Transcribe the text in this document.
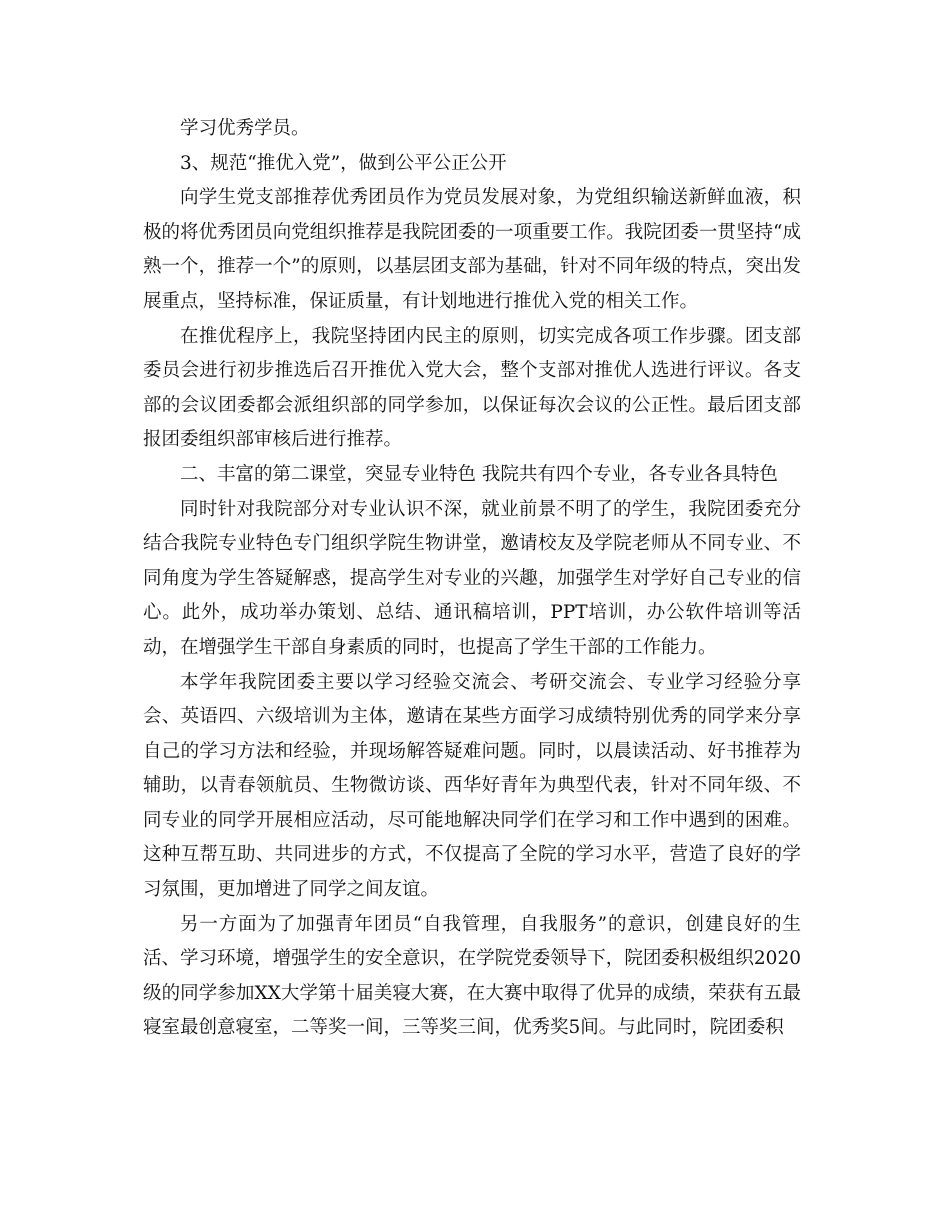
学习优秀学员。

3、规范“推优入党”，做到公平公正公开

向学生党支部推荐优秀团员作为党员发展对象，为党组织输送新鲜血液，积极的将优秀团员向党组织推荐是我院团委的一项重要工作。我院团委一贯坚持“成熟一个，推荐一个”的原则，以基层团支部为基础，针对不同年级的特点，突出发展重点，坚持标准，保证质量，有计划地进行推优入党的相关工作。

在推优程序上，我院坚持团内民主的原则，切实完成各项工作步骤。团支部委员会进行初步推选后召开推优入党大会，整个支部对推优人选进行评议。各支部的会议团委都会派组织部的同学参加，以保证每次会议的公正性。最后团支部报团委组织部审核后进行推荐。

二、丰富的第二课堂，突显专业特色 我院共有四个专业，各专业各具特色

同时针对我院部分对专业认识不深，就业前景不明了的学生，我院团委充分结合我院专业特色专门组织学院生物讲堂，邀请校友及学院老师从不同专业、不同角度为学生答疑解惑，提高学生对专业的兴趣，加强学生对学好自己专业的信心。此外，成功举办策划、总结、通讯稿培训，PPT培训，办公软件培训等活动，在增强学生干部自身素质的同时，也提高了学生干部的工作能力。

本学年我院团委主要以学习经验交流会、考研交流会、专业学习经验分享会、英语四、六级培训为主体，邀请在某些方面学习成绩特别优秀的同学来分享自己的学习方法和经验，并现场解答疑难问题。同时，以晨读活动、好书推荐为辅助，以青春领航员、生物微访谈、西华好青年为典型代表，针对不同年级、不同专业的同学开展相应活动，尽可能地解决同学们在学习和工作中遇到的困难。这种互帮互助、共同进步的方式，不仅提高了全院的学习水平，营造了良好的学习氛围，更加增进了同学之间友谊。

另一方面为了加强青年团员“自我管理，自我服务”的意识，创建良好的生活、学习环境，增强学生的安全意识，在学院党委领导下，院团委积极组织2020级的同学参加XX大学第十届美寝大赛，在大赛中取得了优异的成绩，荣获有五最寝室最创意寝室，二等奖一间，三等奖三间，优秀奖5间。与此同时，院团委积
